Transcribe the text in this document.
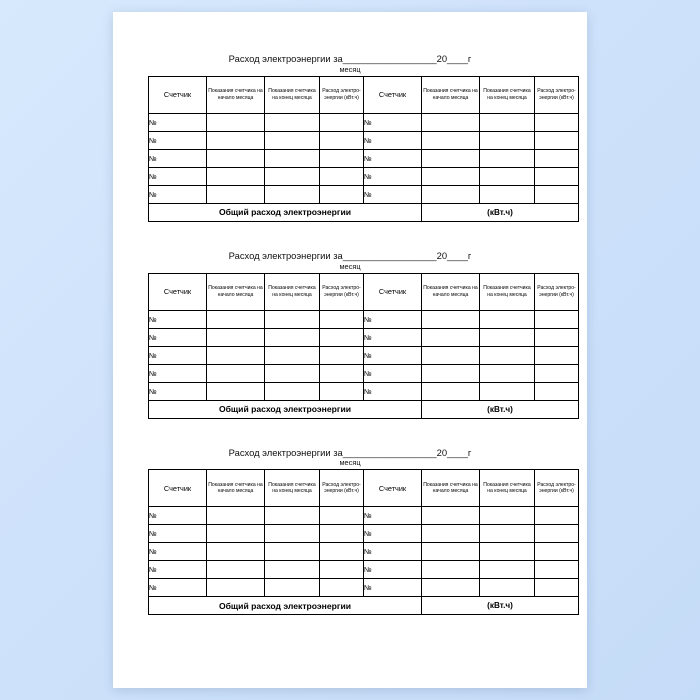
Расход электроэнергии за__________________20____г
месяц
Счетчик	Показания счетчика на начало месяца	Показания счетчика на конец месяца	Расход электро-энергии (кВт.ч)	Счетчик	Показания счетчика на начало месяца	Показания счетчика на конец месяца	Расход электро-энергии (кВт.ч)
№				№			
№				№			
№				№			
№				№			
№				№			
Общий расход электроэнергии					(кВт.ч)		
Расход электроэнергии за__________________20____г
месяц
Счетчик	Показания счетчика на начало месяца	Показания счетчика на конец месяца	Расход электро-энергии (кВт.ч)	Счетчик	Показания счетчика на начало месяца	Показания счетчика на конец месяца	Расход электро-энергии (кВт.ч)
№				№			
№				№			
№				№			
№				№			
№				№			
Общий расход электроэнергии					(кВт.ч)		
Расход электроэнергии за__________________20____г
месяц
Счетчик	Показания счетчика на начало месяца	Показания счетчика на конец месяца	Расход электро-энергии (кВт.ч)	Счетчик	Показания счетчика на начало месяца	Показания счетчика на конец месяца	Расход электро-энергии (кВт.ч)
№				№			
№				№			
№				№			
№				№			
№				№			
Общий расход электроэнергии					(кВт.ч)		
